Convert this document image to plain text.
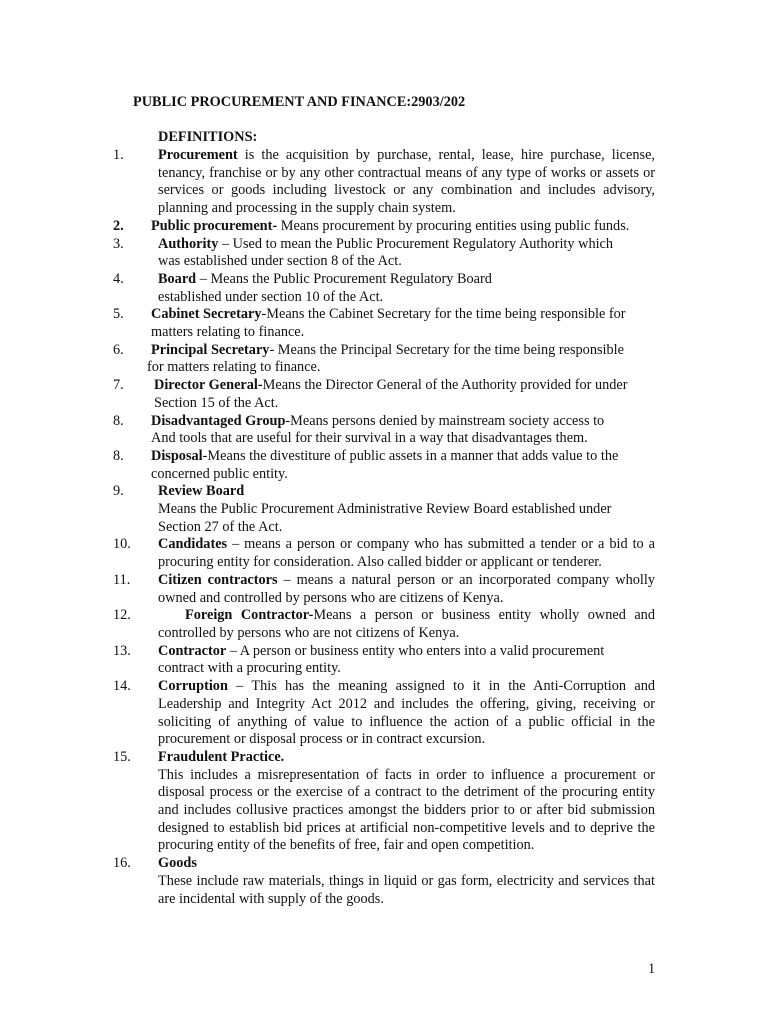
PUBLIC PROCUREMENT AND FINANCE:2903/202
DEFINITIONS:
1. Procurement is the acquisition by purchase, rental, lease, hire purchase, license, tenancy, franchise or by any other contractual means of any type of works or assets or services or goods including livestock or any combination and includes advisory, planning and processing in the supply chain system.
2. Public procurement- Means procurement by procuring entities using public funds.
3. Authority – Used to mean the Public Procurement Regulatory Authority which
was established under section 8 of the Act.
4. Board – Means the Public Procurement Regulatory Board
established under section 10 of the Act.
5. Cabinet Secretary-Means the Cabinet Secretary for the time being responsible for
matters relating to finance.
6. Principal Secretary- Means the Principal Secretary for the time being responsible
for matters relating to finance.
7. Director General-Means the Director General of the Authority provided for under
Section 15 of the Act.
8. Disadvantaged Group-Means persons denied by mainstream society access to
And tools that are useful for their survival in a way that disadvantages them.
8. Disposal-Means the divestiture of public assets in a manner that adds value to the
concerned public entity.
9. Review Board
Means the Public Procurement Administrative Review Board established under
Section 27 of the Act.
10. Candidates – means a person or company who has submitted a tender or a bid to a procuring entity for consideration. Also called bidder or applicant or tenderer.
11. Citizen contractors – means a natural person or an incorporated company wholly owned and controlled by persons who are citizens of Kenya.
12.	Foreign Contractor-Means a person or business entity wholly owned and controlled by persons who are not citizens of Kenya.
13. Contractor – A person or business entity who enters into a valid procurement
contract with a procuring entity.
14. Corruption – This has the meaning assigned to it in the Anti-Corruption and Leadership and Integrity Act 2012 and includes the offering, giving, receiving or soliciting of anything of value to influence the action of a public official in the procurement or disposal process or in contract excursion.
15. Fraudulent Practice.
This includes a misrepresentation of facts in order to influence a procurement or disposal process or the exercise of a contract to the detriment of the procuring entity and includes collusive practices amongst the bidders prior to or after bid submission designed to establish bid prices at artificial non-competitive levels and to deprive the procuring entity of the benefits of free, fair and open competition.
16. Goods
These include raw materials, things in liquid or gas form, electricity and services that are incidental with supply of the goods.
1
